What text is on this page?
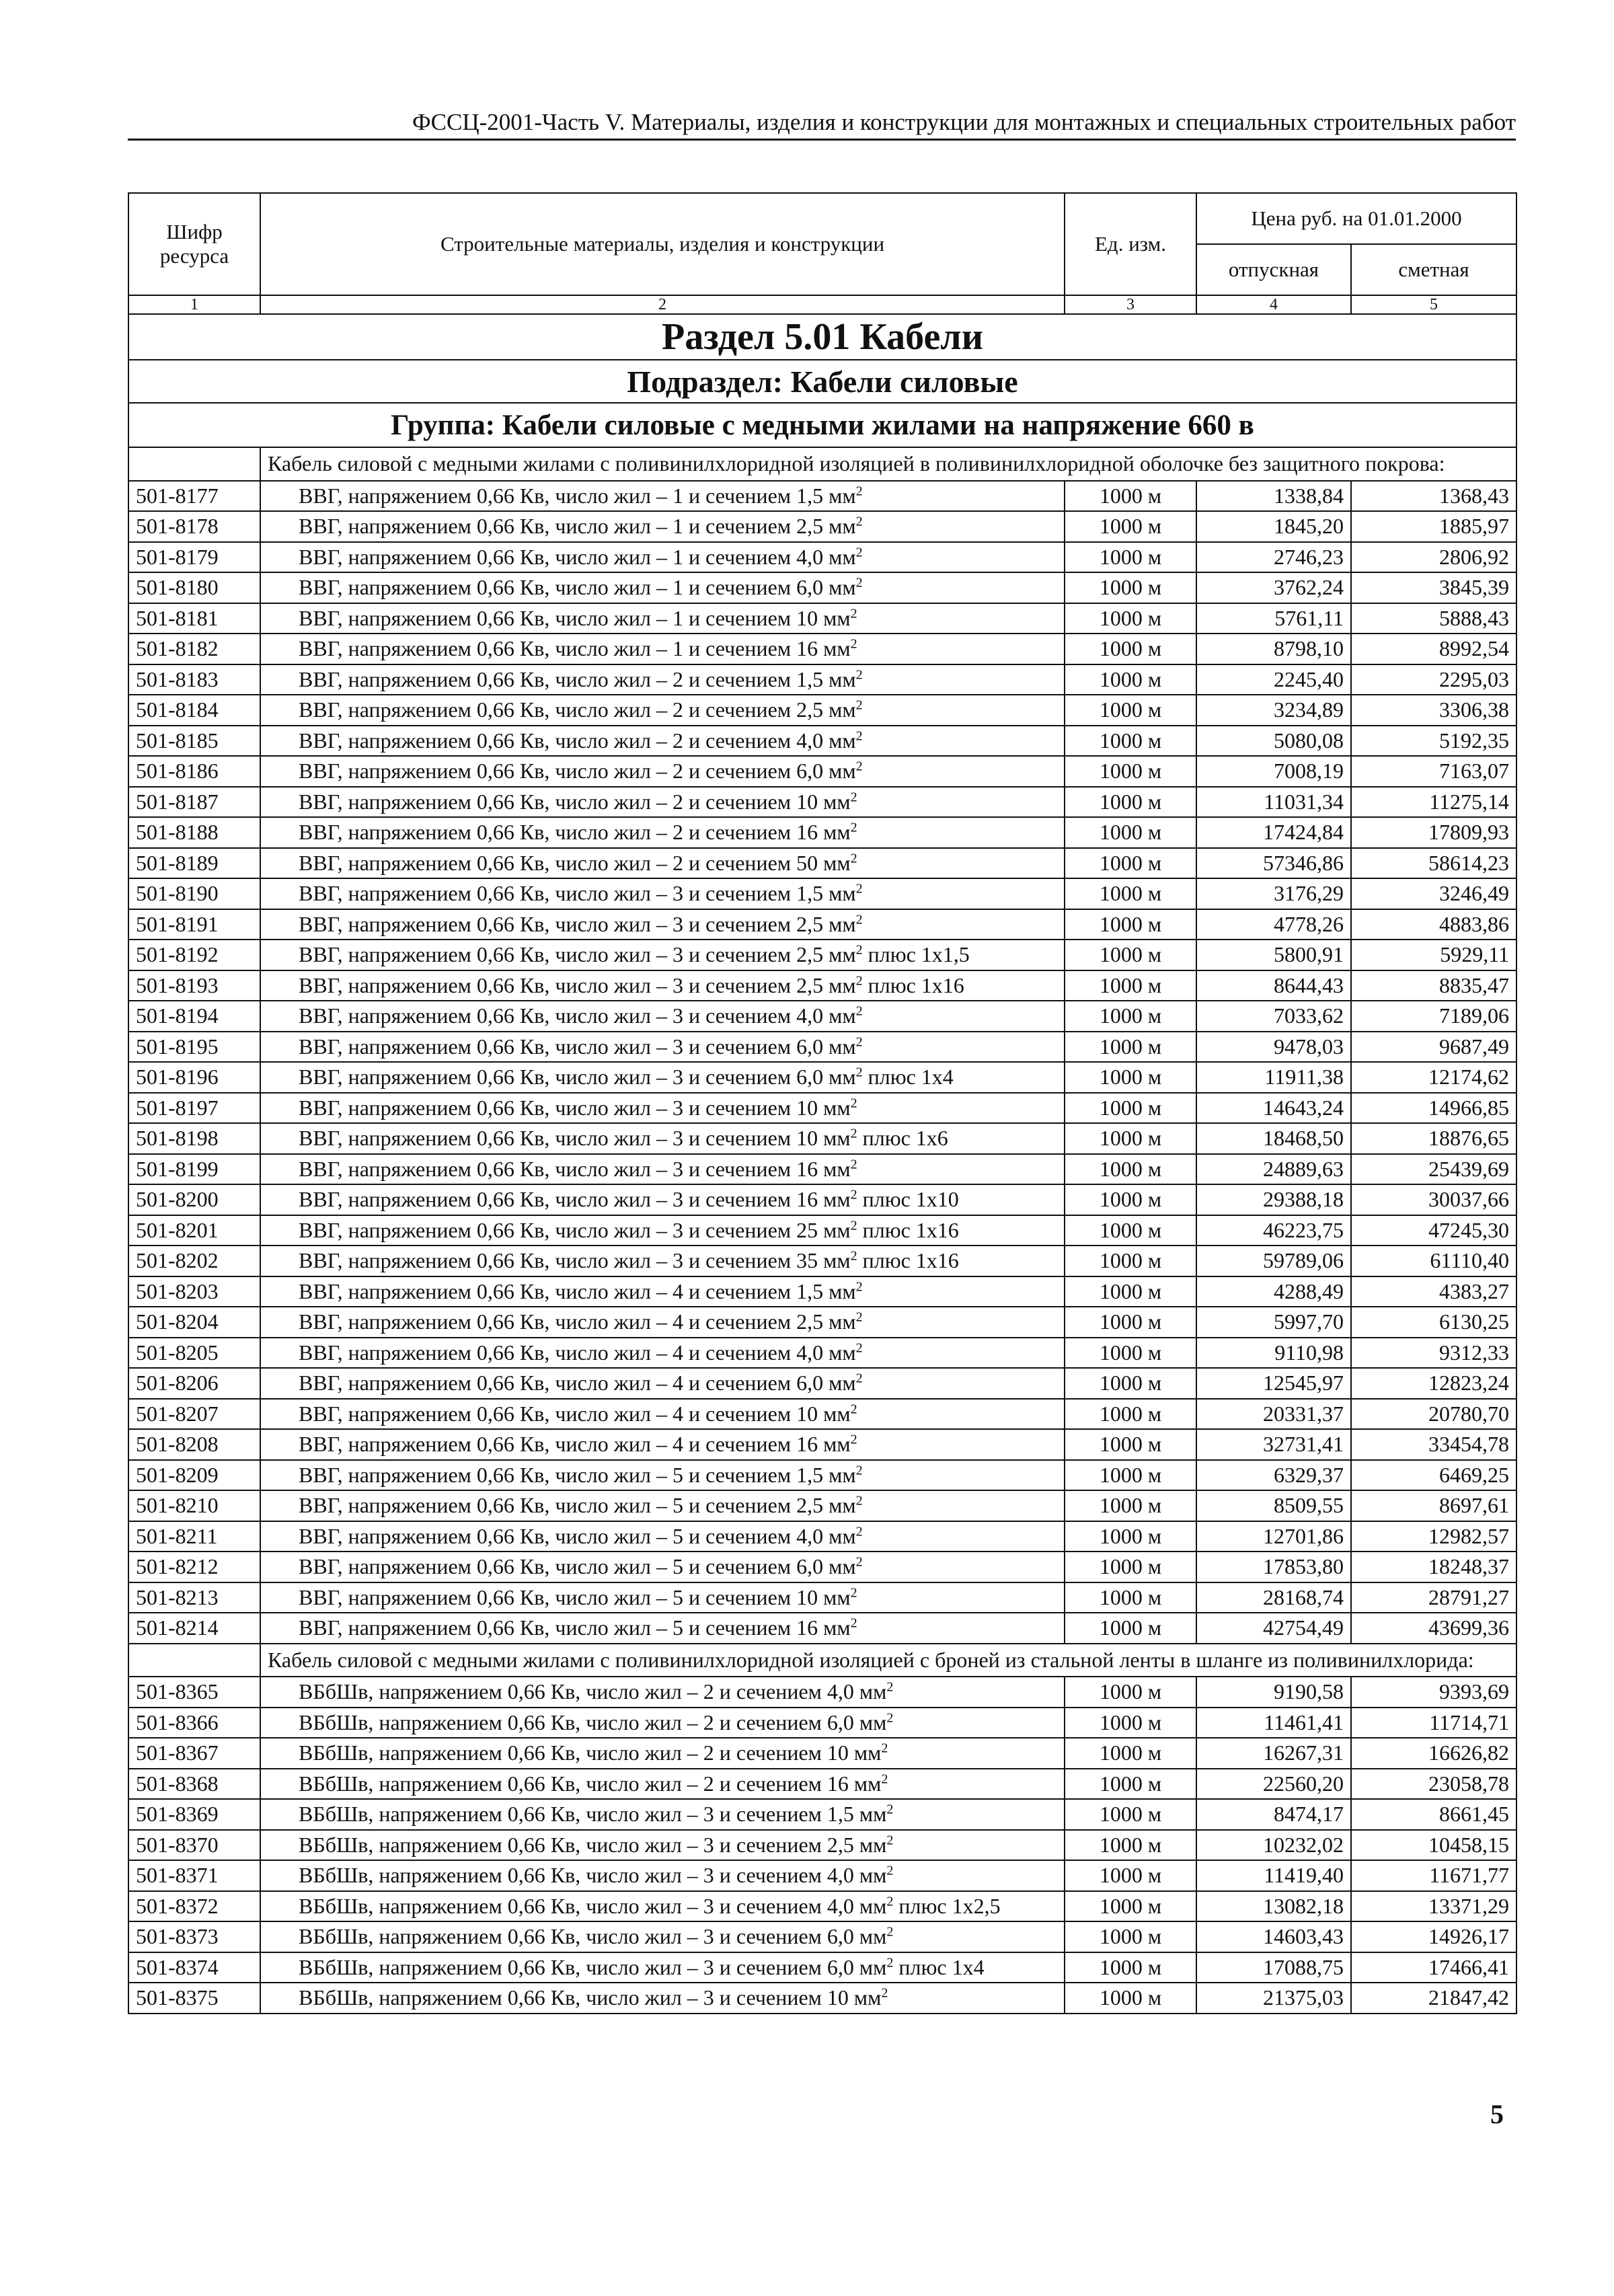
ФССЦ-2001-Часть V. Материалы, изделия и конструкции для монтажных и специальных строительных работ
Шифр ресурса	Строительные материалы, изделия и конструкции	Ед. изм.	Цена руб. на 01.01.2000	
			отпускная	сметная
1	2	3	4	5
Раздел 5.01 Кабели				
Подраздел: Кабели силовые				
Группа: Кабели силовые с медными жилами на напряжение 660 в				
	Кабель силовой с медными жилами с поливинилхлоридной изоляцией в поливинилхлоридной оболочке без защитного покрова:			
501-8177	ВВГ, напряжением 0,66 Кв, число жил – 1 и сечением 1,5 $мм^2$	1000 м	1338,84	1368,43
501-8178	ВВГ, напряжением 0,66 Кв, число жил – 1 и сечением 2,5 $мм^2$	1000 м	1845,20	1885,97
501-8179	ВВГ, напряжением 0,66 Кв, число жил – 1 и сечением 4,0 $мм^2$	1000 м	2746,23	2806,92
501-8180	ВВГ, напряжением 0,66 Кв, число жил – 1 и сечением 6,0 $мм^2$	1000 м	3762,24	3845,39
501-8181	ВВГ, напряжением 0,66 Кв, число жил – 1 и сечением 10 $мм^2$	1000 м	5761,11	5888,43
501-8182	ВВГ, напряжением 0,66 Кв, число жил – 1 и сечением 16 $мм^2$	1000 м	8798,10	8992,54
501-8183	ВВГ, напряжением 0,66 Кв, число жил – 2 и сечением 1,5 $мм^2$	1000 м	2245,40	2295,03
501-8184	ВВГ, напряжением 0,66 Кв, число жил – 2 и сечением 2,5 $мм^2$	1000 м	3234,89	3306,38
501-8185	ВВГ, напряжением 0,66 Кв, число жил – 2 и сечением 4,0 $мм^2$	1000 м	5080,08	5192,35
501-8186	ВВГ, напряжением 0,66 Кв, число жил – 2 и сечением 6,0 $мм^2$	1000 м	7008,19	7163,07
501-8187	ВВГ, напряжением 0,66 Кв, число жил – 2 и сечением 10 $мм^2$	1000 м	11031,34	11275,14
501-8188	ВВГ, напряжением 0,66 Кв, число жил – 2 и сечением 16 $мм^2$	1000 м	17424,84	17809,93
501-8189	ВВГ, напряжением 0,66 Кв, число жил – 2 и сечением 50 $мм^2$	1000 м	57346,86	58614,23
501-8190	ВВГ, напряжением 0,66 Кв, число жил – 3 и сечением 1,5 $мм^2$	1000 м	3176,29	3246,49
501-8191	ВВГ, напряжением 0,66 Кв, число жил – 3 и сечением 2,5 $мм^2$	1000 м	4778,26	4883,86
501-8192	ВВГ, напряжением 0,66 Кв, число жил – 3 и сечением 2,5 $мм^2$ плюс 1х1,5	1000 м	5800,91	5929,11
501-8193	ВВГ, напряжением 0,66 Кв, число жил – 3 и сечением 2,5 $мм^2$ плюс 1х16	1000 м	8644,43	8835,47
501-8194	ВВГ, напряжением 0,66 Кв, число жил – 3 и сечением 4,0 $мм^2$	1000 м	7033,62	7189,06
501-8195	ВВГ, напряжением 0,66 Кв, число жил – 3 и сечением 6,0 $мм^2$	1000 м	9478,03	9687,49
501-8196	ВВГ, напряжением 0,66 Кв, число жил – 3 и сечением 6,0 $мм^2$ плюс 1х4	1000 м	11911,38	12174,62
501-8197	ВВГ, напряжением 0,66 Кв, число жил – 3 и сечением 10 $мм^2$	1000 м	14643,24	14966,85
501-8198	ВВГ, напряжением 0,66 Кв, число жил – 3 и сечением 10 $мм^2$ плюс 1х6	1000 м	18468,50	18876,65
501-8199	ВВГ, напряжением 0,66 Кв, число жил – 3 и сечением 16 $мм^2$	1000 м	24889,63	25439,69
501-8200	ВВГ, напряжением 0,66 Кв, число жил – 3 и сечением 16 $мм^2$ плюс 1х10	1000 м	29388,18	30037,66
501-8201	ВВГ, напряжением 0,66 Кв, число жил – 3 и сечением 25 $мм^2$ плюс 1х16	1000 м	46223,75	47245,30
501-8202	ВВГ, напряжением 0,66 Кв, число жил – 3 и сечением 35 $мм^2$ плюс 1х16	1000 м	59789,06	61110,40
501-8203	ВВГ, напряжением 0,66 Кв, число жил – 4 и сечением 1,5 $мм^2$	1000 м	4288,49	4383,27
501-8204	ВВГ, напряжением 0,66 Кв, число жил – 4 и сечением 2,5 $мм^2$	1000 м	5997,70	6130,25
501-8205	ВВГ, напряжением 0,66 Кв, число жил – 4 и сечением 4,0 $мм^2$	1000 м	9110,98	9312,33
501-8206	ВВГ, напряжением 0,66 Кв, число жил – 4 и сечением 6,0 $мм^2$	1000 м	12545,97	12823,24
501-8207	ВВГ, напряжением 0,66 Кв, число жил – 4 и сечением 10 $мм^2$	1000 м	20331,37	20780,70
501-8208	ВВГ, напряжением 0,66 Кв, число жил – 4 и сечением 16 $мм^2$	1000 м	32731,41	33454,78
501-8209	ВВГ, напряжением 0,66 Кв, число жил – 5 и сечением 1,5 $мм^2$	1000 м	6329,37	6469,25
501-8210	ВВГ, напряжением 0,66 Кв, число жил – 5 и сечением 2,5 $мм^2$	1000 м	8509,55	8697,61
501-8211	ВВГ, напряжением 0,66 Кв, число жил – 5 и сечением 4,0 $мм^2$	1000 м	12701,86	12982,57
501-8212	ВВГ, напряжением 0,66 Кв, число жил – 5 и сечением 6,0 $мм^2$	1000 м	17853,80	18248,37
501-8213	ВВГ, напряжением 0,66 Кв, число жил – 5 и сечением 10 $мм^2$	1000 м	28168,74	28791,27
501-8214	ВВГ, напряжением 0,66 Кв, число жил – 5 и сечением 16 $мм^2$	1000 м	42754,49	43699,36
	Кабель силовой с медными жилами с поливинилхлоридной изоляцией с броней из стальной ленты в шланге из поливинилхлорида:			
501-8365	ВБбШв, напряжением 0,66 Кв, число жил – 2 и сечением 4,0 $мм^2$	1000 м	9190,58	9393,69
501-8366	ВБбШв, напряжением 0,66 Кв, число жил – 2 и сечением 6,0 $мм^2$	1000 м	11461,41	11714,71
501-8367	ВБбШв, напряжением 0,66 Кв, число жил – 2 и сечением 10 $мм^2$	1000 м	16267,31	16626,82
501-8368	ВБбШв, напряжением 0,66 Кв, число жил – 2 и сечением 16 $мм^2$	1000 м	22560,20	23058,78
501-8369	ВБбШв, напряжением 0,66 Кв, число жил – 3 и сечением 1,5 $мм^2$	1000 м	8474,17	8661,45
501-8370	ВБбШв, напряжением 0,66 Кв, число жил – 3 и сечением 2,5 $мм^2$	1000 м	10232,02	10458,15
501-8371	ВБбШв, напряжением 0,66 Кв, число жил – 3 и сечением 4,0 $мм^2$	1000 м	11419,40	11671,77
501-8372	ВБбШв, напряжением 0,66 Кв, число жил – 3 и сечением 4,0 $мм^2$ плюс 1х2,5	1000 м	13082,18	13371,29
501-8373	ВБбШв, напряжением 0,66 Кв, число жил – 3 и сечением 6,0 $мм^2$	1000 м	14603,43	14926,17
501-8374	ВБбШв, напряжением 0,66 Кв, число жил – 3 и сечением 6,0 $мм^2$ плюс 1х4	1000 м	17088,75	17466,41
501-8375	ВБбШв, напряжением 0,66 Кв, число жил – 3 и сечением 10 $мм^2$	1000 м	21375,03	21847,42
5
